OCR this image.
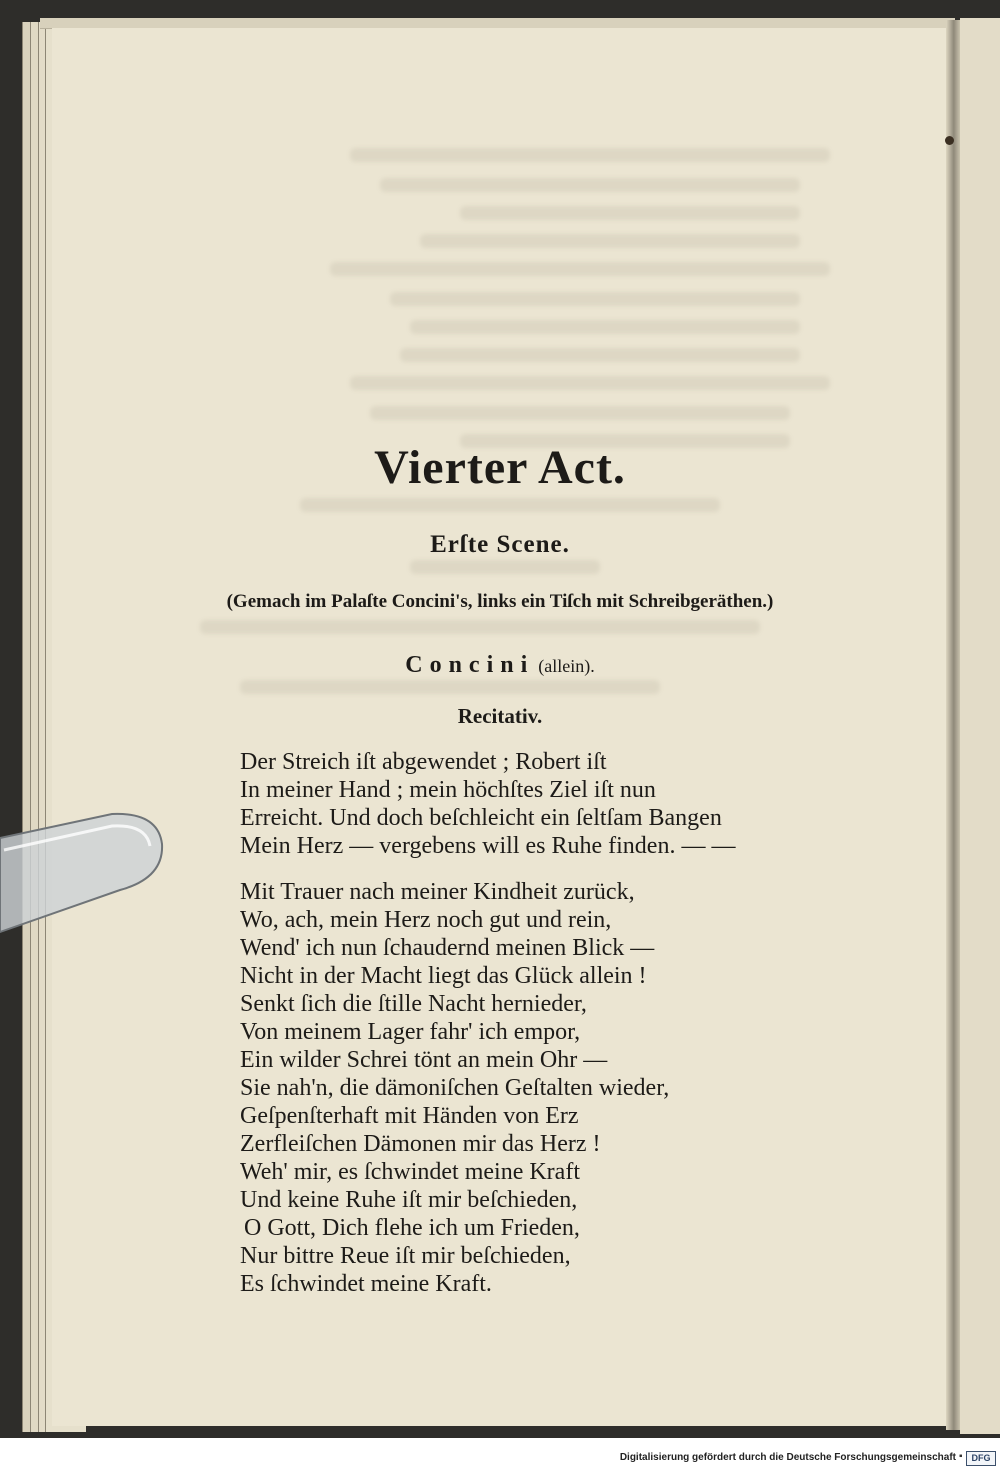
Vierter Act.
Erſte Scene.
(Gemach im Palaſte Concini's, links ein Tiſch mit Schreibgeräthen.)
Concini (allein).
Recitativ.
Der Streich iſt abgewendet ; Robert iſt
In meiner Hand ; mein höchſtes Ziel iſt nun
Erreicht. Und doch beſchleicht ein ſeltſam Bangen
Mein Herz — vergebens will es Ruhe finden. — —
Mit Trauer nach meiner Kindheit zurück,
Wo, ach, mein Herz noch gut und rein,
Wend' ich nun ſchaudernd meinen Blick —
Nicht in der Macht liegt das Glück allein !
Senkt ſich die ſtille Nacht hernieder,
Von meinem Lager fahr' ich empor,
Ein wilder Schrei tönt an mein Ohr —
Sie nah'n, die dämoniſchen Geſtalten wieder,
Geſpenſterhaft mit Händen von Erz
Zerfleiſchen Dämonen mir das Herz !
Weh' mir, es ſchwindet meine Kraft
Und keine Ruhe iſt mir beſchieden,
O Gott, Dich flehe ich um Frieden,
Nur bittre Reue iſt mir beſchieden,
Es ſchwindet meine Kraft.
Digitalisierung gefördert durch die Deutsche Forschungsgemeinschaft ▪ DFG
